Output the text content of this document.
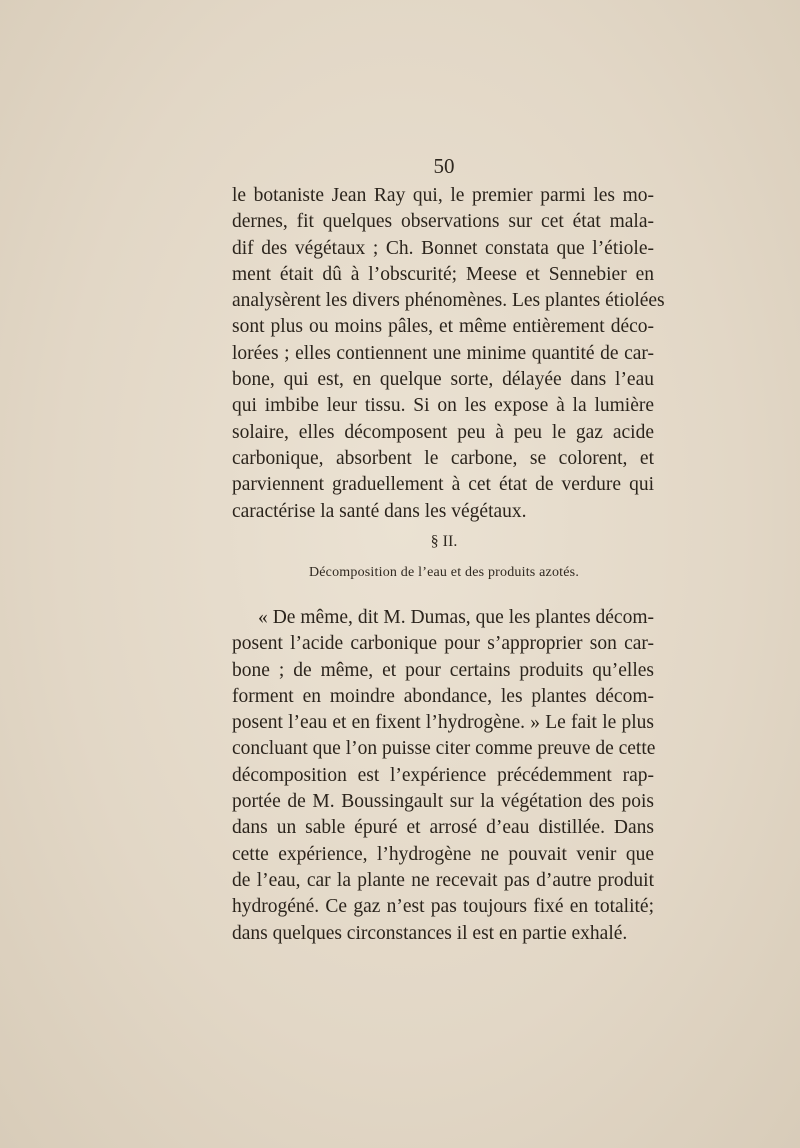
50
le botaniste Jean Ray qui, le premier parmi les mo-
dernes, fit quelques observations sur cet état mala-
dif des végétaux ; Ch. Bonnet constata que l’étiole-
ment était dû à l’obscurité; Meese et Sennebier en
analysèrent les divers phénomènes. Les plantes étiolées
sont plus ou moins pâles, et même entièrement déco-
lorées ; elles contiennent une minime quantité de car-
bone, qui est, en quelque sorte, délayée dans l’eau
qui imbibe leur tissu. Si on les expose à la lumière
solaire, elles décomposent peu à peu le gaz acide
carbonique, absorbent le carbone, se colorent, et
parviennent graduellement à cet état de verdure qui
caractérise la santé dans les végétaux.
§ II.
Décomposition de l’eau et des produits azotés.
« De même, dit M. Dumas, que les plantes décom-
posent l’acide carbonique pour s’approprier son car-
bone ; de même, et pour certains produits qu’elles
forment en moindre abondance, les plantes décom-
posent l’eau et en fixent l’hydrogène. » Le fait le plus
concluant que l’on puisse citer comme preuve de cette
décomposition est l’expérience précédemment rap-
portée de M. Boussingault sur la végétation des pois
dans un sable épuré et arrosé d’eau distillée. Dans
cette expérience, l’hydrogène ne pouvait venir que
de l’eau, car la plante ne recevait pas d’autre produit
hydrogéné. Ce gaz n’est pas toujours fixé en totalité;
dans quelques circonstances il est en partie exhalé.
